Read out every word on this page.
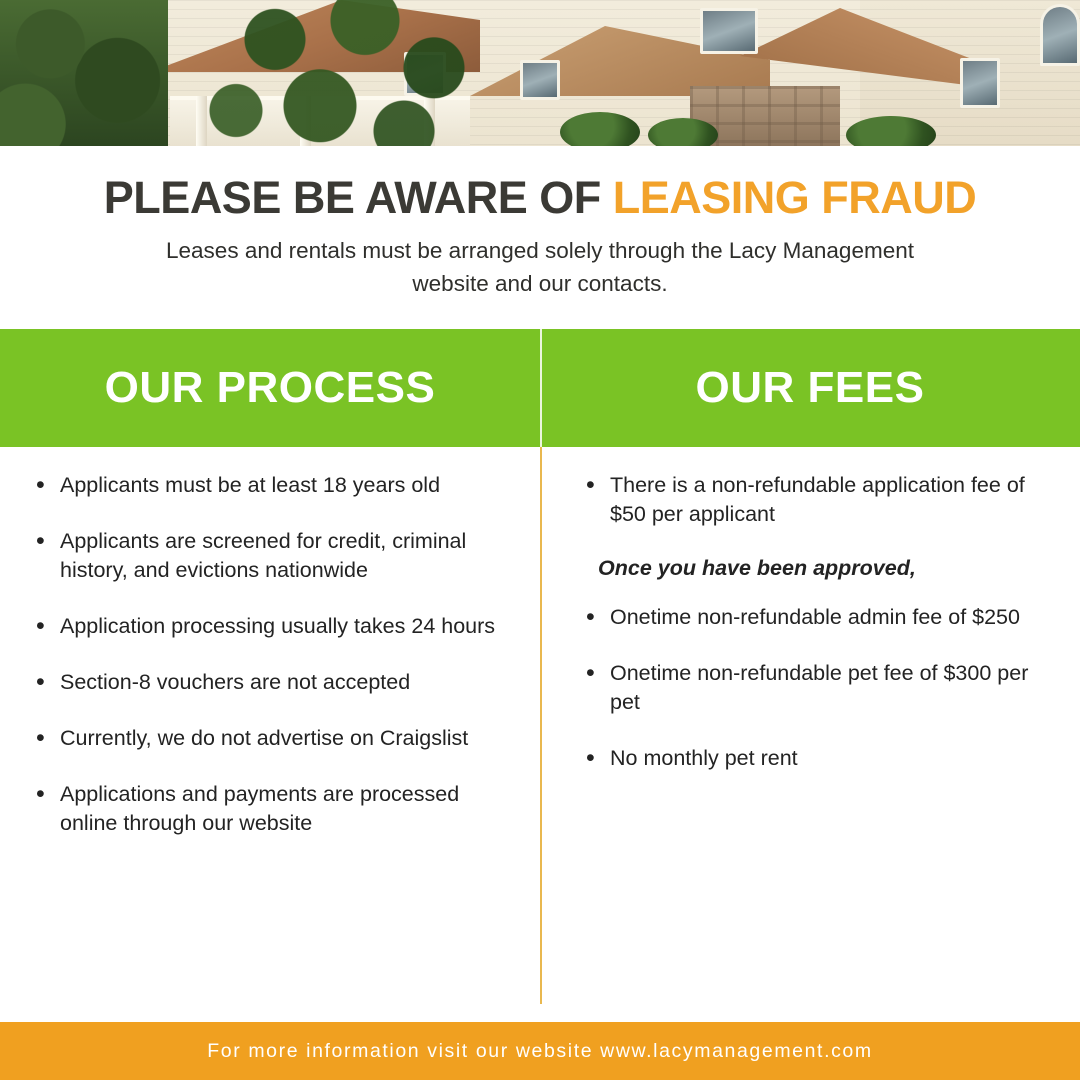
PLEASE BE AWARE OF LEASING FRAUD

Leases and rentals must be arranged solely through the Lacy Management website and our contacts.

OUR PROCESS	OUR FEES
• Applicants must be at least 18 years old
• Applicants are screened for credit, criminal history, and evictions nationwide
• Application processing usually takes 24 hours
• Section-8 vouchers are not accepted
• Currently, we do not advertise on Craigslist
• Applications and payments are processed online through our website
• There is a non-refundable application fee of $50 per applicant

Once you have been approved,

• Onetime non-refundable admin fee of $250
• Onetime non-refundable pet fee of $300 per pet
• No monthly pet rent
For more information visit our website www.lacymanagement.com
